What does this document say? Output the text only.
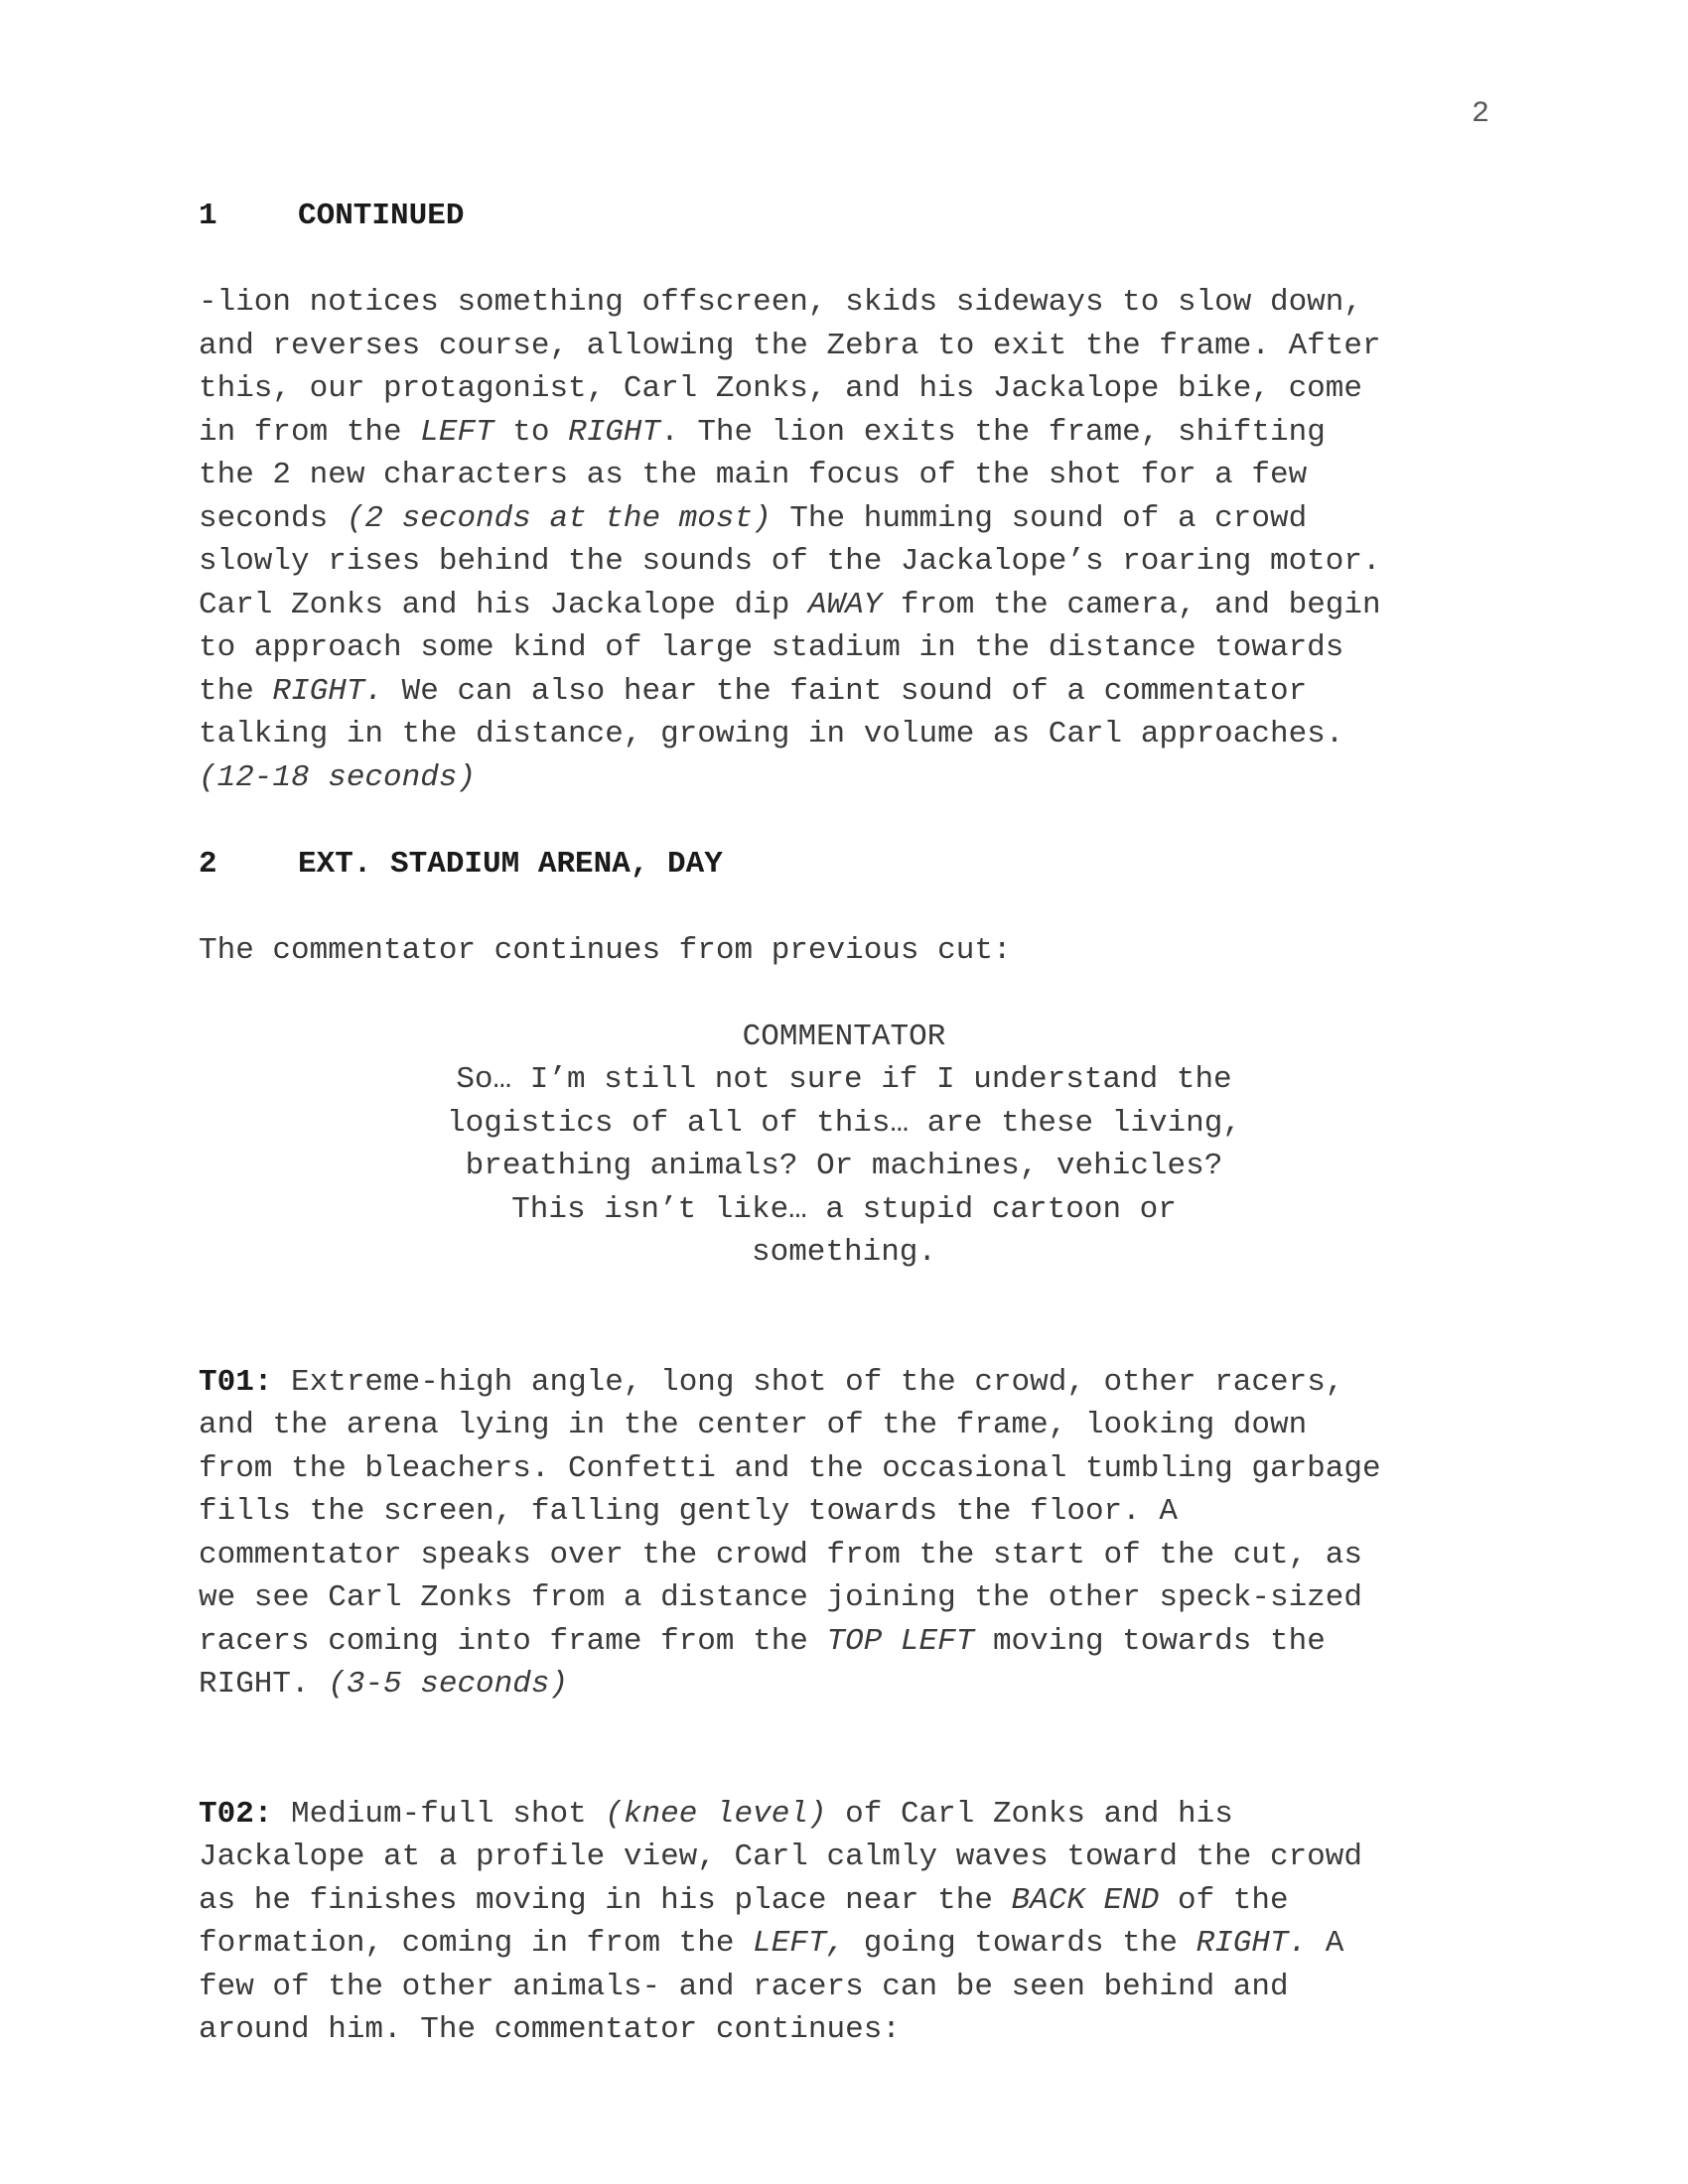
2
1	CONTINUED
-lion notices something offscreen, skids sideways to slow down,
and reverses course, allowing the Zebra to exit the frame. After
this, our protagonist, Carl Zonks, and his Jackalope bike, come
in from the LEFT to RIGHT. The lion exits the frame, shifting
the 2 new characters as the main focus of the shot for a few
seconds (2 seconds at the most) The humming sound of a crowd
slowly rises behind the sounds of the Jackalope’s roaring motor.
Carl Zonks and his Jackalope dip AWAY from the camera, and begin
to approach some kind of large stadium in the distance towards
the RIGHT. We can also hear the faint sound of a commentator
talking in the distance, growing in volume as Carl approaches.
(12-18 seconds)
2	EXT. STADIUM ARENA, DAY
The commentator continues from previous cut:
COMMENTATOR
So… I’m still not sure if I understand the
logistics of all of this… are these living,
breathing animals? Or machines, vehicles?
This isn’t like… a stupid cartoon or
something.

T01: Extreme-high angle, long shot of the crowd, other racers,
and the arena lying in the center of the frame, looking down
from the bleachers. Confetti and the occasional tumbling garbage
fills the screen, falling gently towards the floor. A
commentator speaks over the crowd from the start of the cut, as
we see Carl Zonks from a distance joining the other speck-sized
racers coming into frame from the TOP LEFT moving towards the
RIGHT. (3-5 seconds)

T02: Medium-full shot (knee level) of Carl Zonks and his
Jackalope at a profile view, Carl calmly waves toward the crowd
as he finishes moving in his place near the BACK END of the
formation, coming in from the LEFT, going towards the RIGHT. A
few of the other animals- and racers can be seen behind and
around him. The commentator continues:
